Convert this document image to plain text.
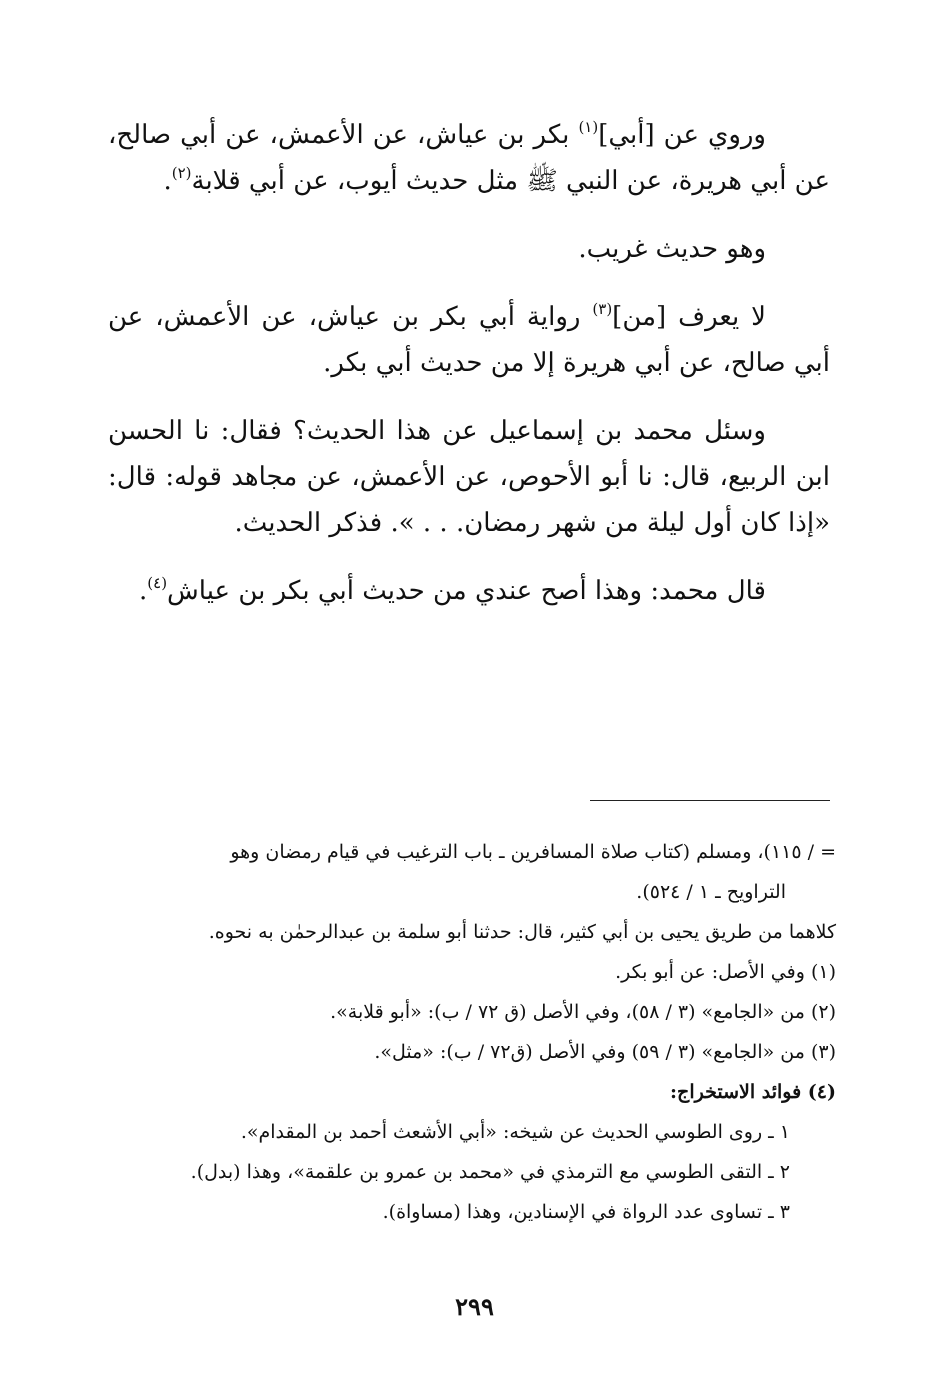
وروي عن [أبي]$^{(١)}$ بكر بن عياش، عن الأعمش، عن أبي صالح، عن أبي هريرة، عن النبي ﷺ مثل حديث أيوب، عن أبي قلابة$^{(٢)}$.

وهو حديث غريب.

لا يعرف [من]$^{(٣)}$ رواية أبي بكر بن عياش، عن الأعمش، عن أبي صالح، عن أبي هريرة إلا من حديث أبي بكر.

وسئل محمد بن إسماعيل عن هذا الحديث؟ فقال: نا الحسن ابن الربيع، قال: نا أبو الأحوص، عن الأعمش، عن مجاهد قوله: قال: «إذا كان أول ليلة من شهر رمضان. . . ». فذكر الحديث.

قال محمد: وهذا أصح عندي من حديث أبي بكر بن عياش$^{(٤)}$.

= / ١١٥)، ومسلم (كتاب صلاة المسافرين ـ باب الترغيب في قيام رمضان وهو

التراويح ـ ١ / ٥٢٤).

كلاهما من طريق يحيى بن أبي كثير، قال: حدثنا أبو سلمة بن عبدالرحمٰن به نحوه.

(١) وفي الأصل: عن أبو بكر.

(٢) من «الجامع» (٣ / ٥٨)، وفي الأصل (ق ٧٢ / ب): «أبو قلابة».

(٣) من «الجامع» (٣ / ٥٩) وفي الأصل (ق٧٢ / ب): «مثل».

(٤) فوائد الاستخراج:

١ ـ روى الطوسي الحديث عن شيخه: «أبي الأشعث أحمد بن المقدام».

٢ ـ التقى الطوسي مع الترمذي في «محمد بن عمرو بن علقمة»، وهذا (بدل).

٣ ـ تساوى عدد الرواة في الإسنادين، وهذا (مساواة).

٢٩٩
